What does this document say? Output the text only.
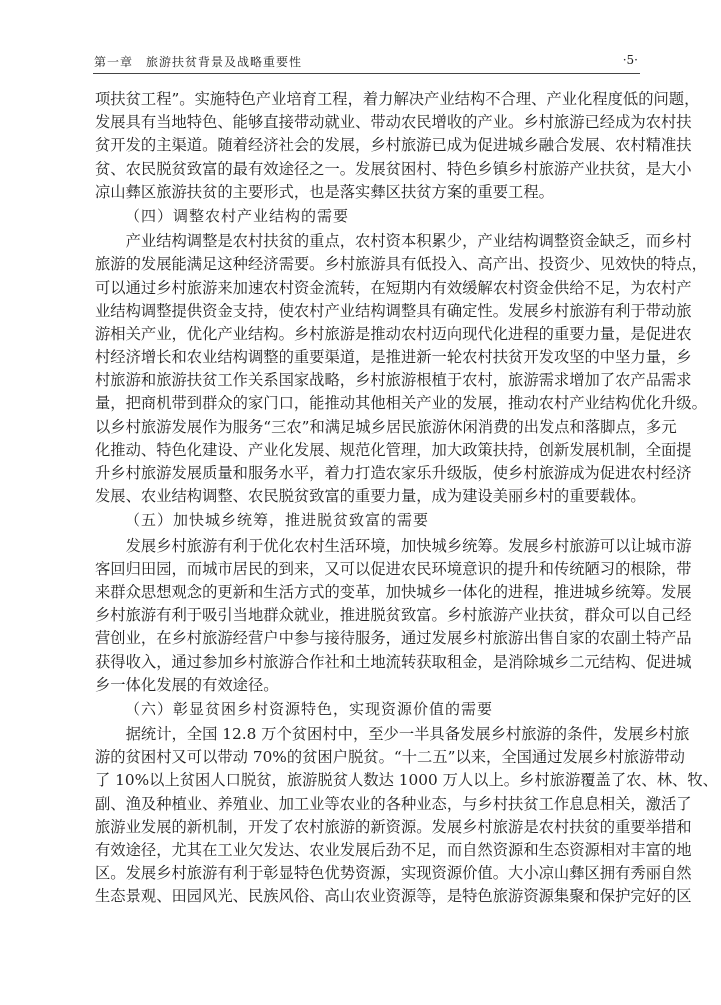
第一章　旅游扶贫背景及战略重要性	·5·
项扶贫工程”。实施特色产业培育工程，着力解决产业结构不合理、产业化程度低的问题，
发展具有当地特色、能够直接带动就业、带动农民增收的产业。乡村旅游已经成为农村扶
贫开发的主渠道。随着经济社会的发展，乡村旅游已成为促进城乡融合发展、农村精准扶
贫、农民脱贫致富的最有效途径之一。发展贫困村、特色乡镇乡村旅游产业扶贫，是大小
凉山彝区旅游扶贫的主要形式，也是落实彝区扶贫方案的重要工程。
（四）调整农村产业结构的需要
产业结构调整是农村扶贫的重点，农村资本积累少，产业结构调整资金缺乏，而乡村
旅游的发展能满足这种经济需要。乡村旅游具有低投入、高产出、投资少、见效快的特点，
可以通过乡村旅游来加速农村资金流转，在短期内有效缓解农村资金供给不足，为农村产
业结构调整提供资金支持，使农村产业结构调整具有确定性。发展乡村旅游有利于带动旅
游相关产业，优化产业结构。乡村旅游是推动农村迈向现代化进程的重要力量，是促进农
村经济增长和农业结构调整的重要渠道，是推进新一轮农村扶贫开发攻坚的中坚力量，乡
村旅游和旅游扶贫工作关系国家战略，乡村旅游根植于农村，旅游需求增加了农产品需求
量，把商机带到群众的家门口，能推动其他相关产业的发展，推动农村产业结构优化升级。
以乡村旅游发展作为服务“三农”和满足城乡居民旅游休闲消费的出发点和落脚点，多元
化推动、特色化建设、产业化发展、规范化管理，加大政策扶持，创新发展机制，全面提
升乡村旅游发展质量和服务水平，着力打造农家乐升级版，使乡村旅游成为促进农村经济
发展、农业结构调整、农民脱贫致富的重要力量，成为建设美丽乡村的重要载体。
（五）加快城乡统筹，推进脱贫致富的需要
发展乡村旅游有利于优化农村生活环境，加快城乡统筹。发展乡村旅游可以让城市游
客回归田园，而城市居民的到来，又可以促进农民环境意识的提升和传统陋习的根除，带
来群众思想观念的更新和生活方式的变革，加快城乡一体化的进程，推进城乡统筹。发展
乡村旅游有利于吸引当地群众就业，推进脱贫致富。乡村旅游产业扶贫，群众可以自己经
营创业，在乡村旅游经营户中参与接待服务，通过发展乡村旅游出售自家的农副土特产品
获得收入，通过参加乡村旅游合作社和土地流转获取租金，是消除城乡二元结构、促进城
乡一体化发展的有效途径。
（六）彰显贫困乡村资源特色，实现资源价值的需要
据统计，全国 12.8 万个贫困村中，至少一半具备发展乡村旅游的条件，发展乡村旅
游的贫困村又可以带动 70%的贫困户脱贫。“十二五”以来，全国通过发展乡村旅游带动
了 10%以上贫困人口脱贫，旅游脱贫人数达 1000 万人以上。乡村旅游覆盖了农、林、牧、
副、渔及种植业、养殖业、加工业等农业的各种业态，与乡村扶贫工作息息相关，激活了
旅游业发展的新机制，开发了农村旅游的新资源。发展乡村旅游是农村扶贫的重要举措和
有效途径，尤其在工业欠发达、农业发展后劲不足，而自然资源和生态资源相对丰富的地
区。发展乡村旅游有利于彰显特色优势资源，实现资源价值。大小凉山彝区拥有秀丽自然
生态景观、田园风光、民族风俗、高山农业资源等，是特色旅游资源集聚和保护完好的区
